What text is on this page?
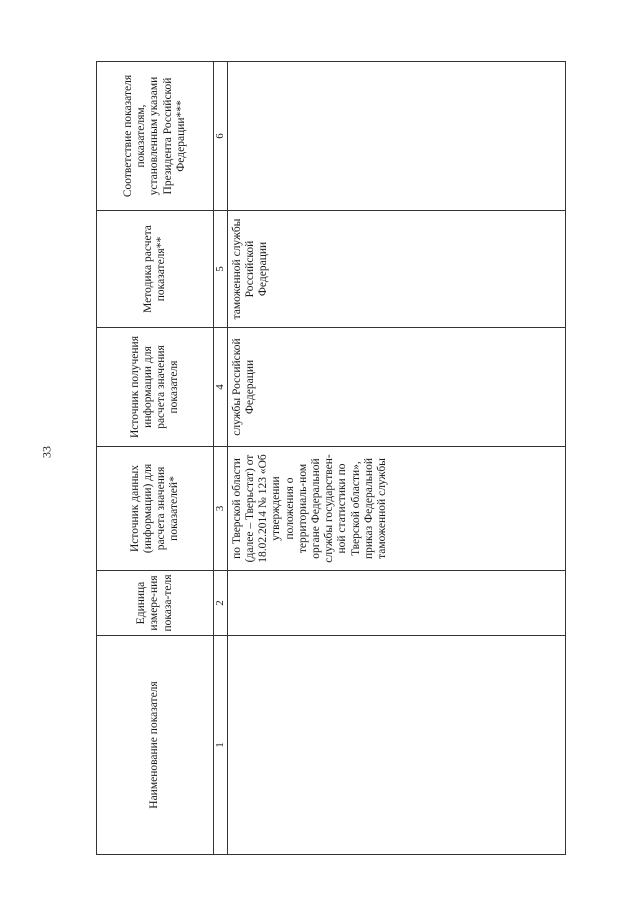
33
Наименование показателя	Единица измере-ния показа-теля	Источник данных (информации) для расчета значения показателей*	Источник получения информации для расчета значения показателя	Методика расчета показателя**	Соответствие показателя показателям, установленным указами Президента Российской Федерации***
1	2	3	4	5	6
		по Тверской области (далее – Тверьстат) от 18.02.2014 № 123 «Об утверждении положения о территориаль-ном органе Федеральной службы государствен-ной статистики по Тверской области», приказ Федеральной таможенной службы	службы Российской Федерации	таможенной службы Российской Федерации	
